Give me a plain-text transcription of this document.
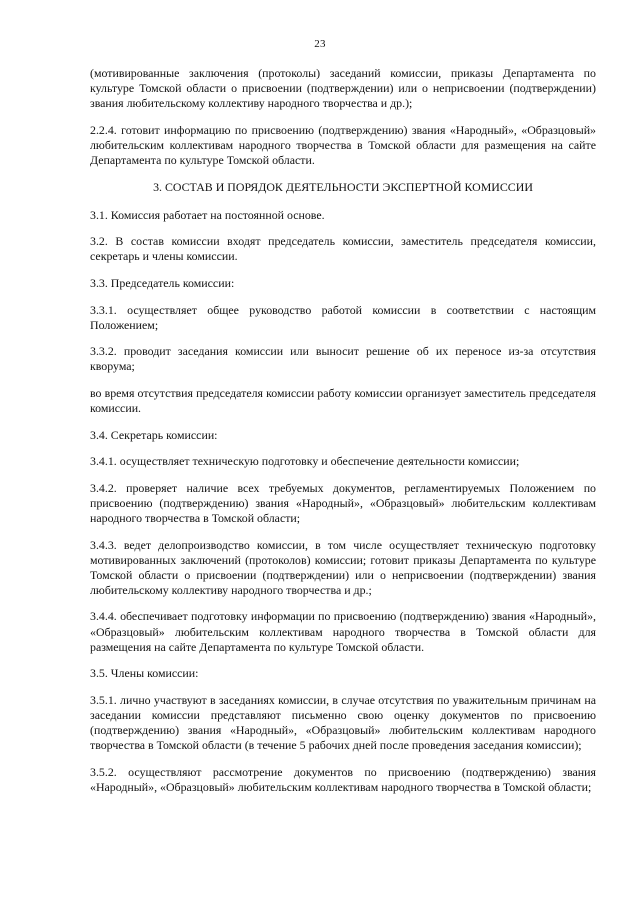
23

(мотивированные заключения (протоколы) заседаний комиссии, приказы Департамента по культуре Томской области о присвоении (подтверждении) или о неприсвоении (подтверждении) звания любительскому коллективу народного творчества и др.);

2.2.4. готовит информацию по присвоению (подтверждению) звания «Народный», «Образцовый» любительским коллективам народного творчества в Томской области для размещения на сайте Департамента по культуре Томской области.

3. СОСТАВ И ПОРЯДОК ДЕЯТЕЛЬНОСТИ ЭКСПЕРТНОЙ КОМИССИИ

3.1. Комиссия работает на постоянной основе.

3.2. В состав комиссии входят председатель комиссии, заместитель председателя комиссии, секретарь и члены комиссии.

3.3. Председатель комиссии:

3.3.1. осуществляет общее руководство работой комиссии в соответствии с настоящим Положением;

3.3.2. проводит заседания комиссии или выносит решение об их переносе из-за отсутствия кворума;

во время отсутствия председателя комиссии работу комиссии организует заместитель председателя комиссии.

3.4. Секретарь комиссии:

3.4.1. осуществляет техническую подготовку и обеспечение деятельности комиссии;

3.4.2. проверяет наличие всех требуемых документов, регламентируемых Положением по присвоению (подтверждению) звания «Народный», «Образцовый» любительским коллективам народного творчества в Томской области;

3.4.3. ведет делопроизводство комиссии, в том числе осуществляет техническую подготовку мотивированных заключений (протоколов) комиссии; готовит приказы Департамента по культуре Томской области о присвоении (подтверждении) или о неприсвоении (подтверждении) звания любительскому коллективу народного творчества и др.;

3.4.4. обеспечивает подготовку информации по присвоению (подтверждению) звания «Народный», «Образцовый» любительским коллективам народного творчества в Томской области для размещения на сайте Департамента по культуре Томской области.

3.5. Члены комиссии:

3.5.1. лично участвуют в заседаниях комиссии, в случае отсутствия по уважительным причинам на заседании комиссии представляют письменно свою оценку документов по присвоению (подтверждению) звания «Народный», «Образцовый» любительским коллективам народного творчества в Томской области (в течение 5 рабочих дней после проведения заседания комиссии);

3.5.2. осуществляют рассмотрение документов по присвоению (подтверждению) звания «Народный», «Образцовый» любительским коллективам народного творчества в Томской области;
